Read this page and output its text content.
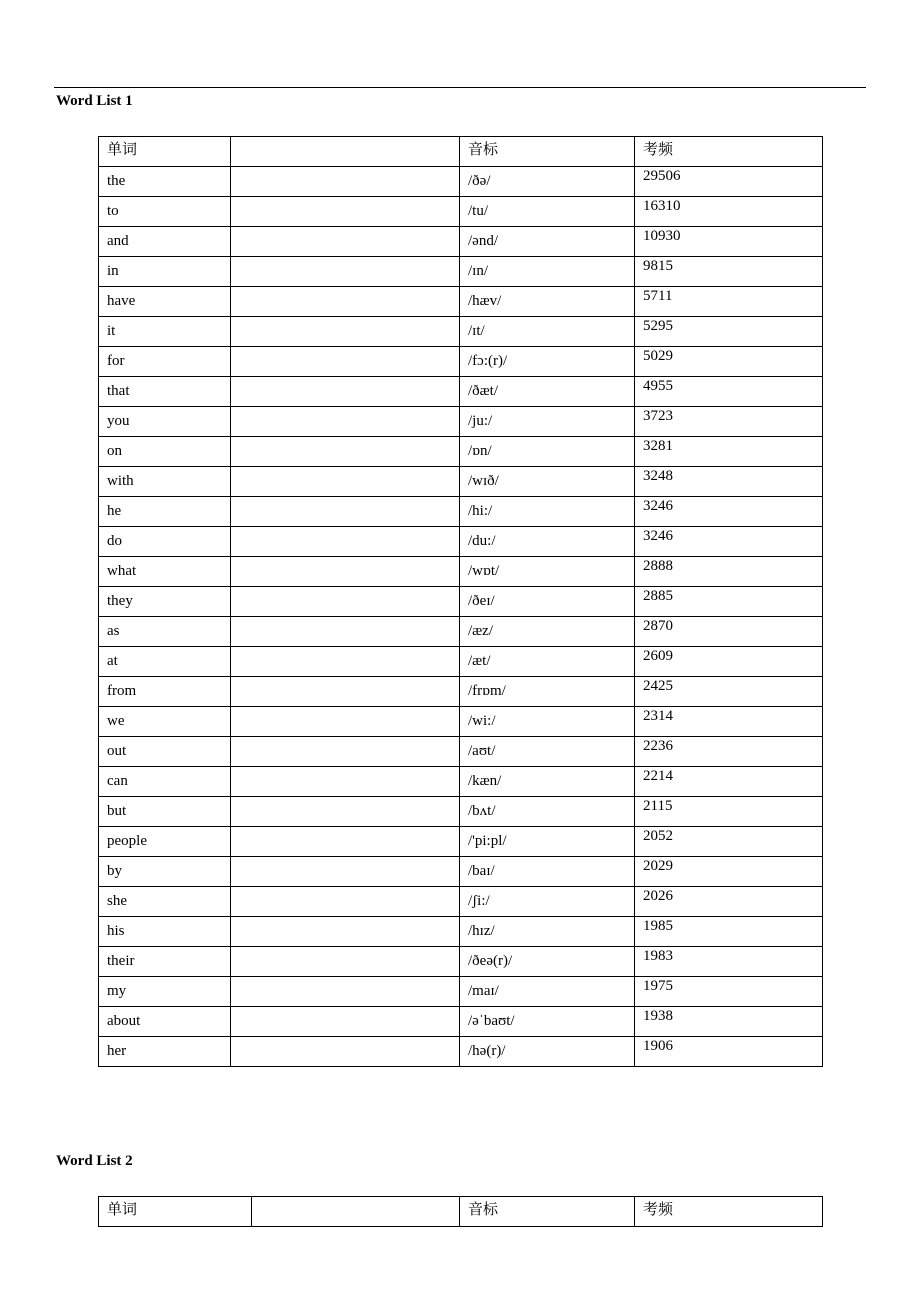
Word List 1
单词		音标	考频
the		/ðə/	29506
to		/tu/	16310
and		/ənd/	10930
in		/ɪn/	9815
have		/hæv/	5711
it		/ɪt/	5295
for		/fɔ:(r)/	5029
that		/ðæt/	4955
you		/ju:/	3723
on		/ɒn/	3281
with		/wɪð/	3248
he		/hi:/	3246
do		/du:/	3246
what		/wɒt/	2888
they		/ðeɪ/	2885
as		/æz/	2870
at		/æt/	2609
from		/frɒm/	2425
we		/wi:/	2314
out		/aʊt/	2236
can		/kæn/	2214
but		/bʌt/	2115
people		/'pi:pl/	2052
by		/baɪ/	2029
she		/ʃi:/	2026
his		/hɪz/	1985
their		/ðeə(r)/	1983
my		/maɪ/	1975
about		/əˈbaʊt/	1938
her		/hə(r)/	1906
Word List 2
单词		音标	考频
